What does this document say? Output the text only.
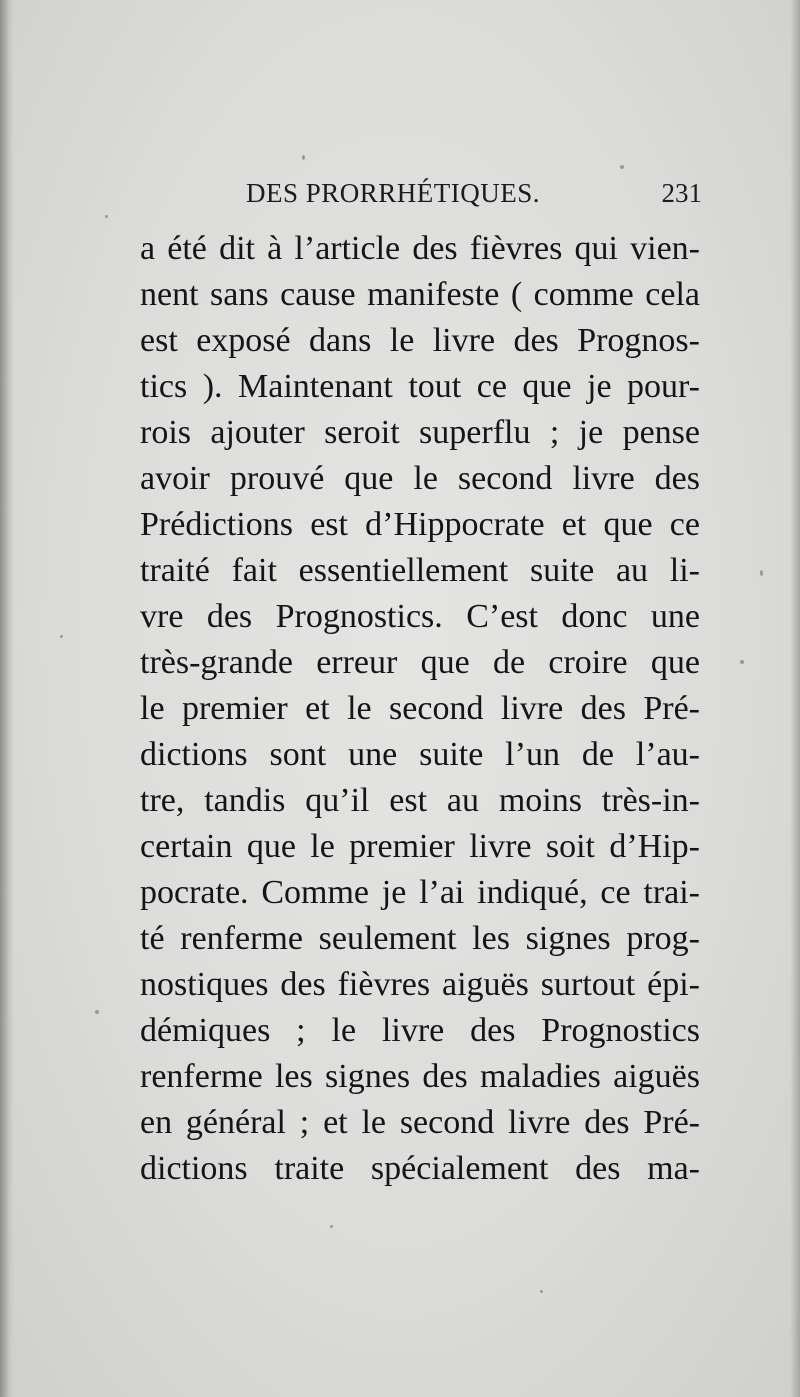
DES PRORRHÉTIQUES.	231
a été dit à l’article des fièvres qui vien-
nent sans cause manifeste ( comme cela
est exposé dans le livre des Prognos-
tics ). Maintenant tout ce que je pour-
rois ajouter seroit superflu ; je pense
avoir prouvé que le second livre des
Prédictions est d’Hippocrate et que ce
traité fait essentiellement suite au li-
vre des Prognostics. C’est donc une
très-grande erreur que de croire que
le premier et le second livre des Pré-
dictions sont une suite l’un de l’au-
tre, tandis qu’il est au moins très-in-
certain que le premier livre soit d’Hip-
pocrate. Comme je l’ai indiqué, ce trai-
té renferme seulement les signes prog-
nostiques des fièvres aiguës surtout épi-
démiques ; le livre des Prognostics
renferme les signes des maladies aiguës
en général ; et le second livre des Pré-
dictions traite spécialement des ma-
